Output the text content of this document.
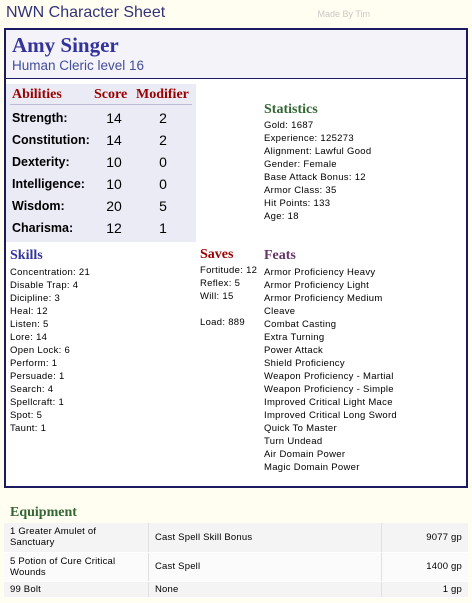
NWN Character Sheet	Made By Tim
Amy Singer
Human Cleric level 16
Abilities Score Modifier
Strength:	14	2
Constitution:	14	2
Dexterity:	10	0
Intelligence:	10	0
Wisdom:	20	5
Charisma:	12	1
Statistics
Gold: 1687
Experience: 125273
Alignment: Lawful Good
Gender: Female
Base Attack Bonus: 12
Armor Class: 35
Hit Points: 133
Age: 18
Skills
Concentration: 21
Disable Trap: 4
Dicipline: 3
Heal: 12
Listen: 5
Lore: 14
Open Lock: 6
Perform: 1
Persuade: 1
Search: 4
Spellcraft: 1
Spot: 5
Taunt: 1
Saves
Fortitude: 12
Reflex: 5
Will: 15
Load: 889
Feats
Armor Proficiency Heavy
Armor Proficiency Light
Armor Proficiency Medium
Cleave
Combat Casting
Extra Turning
Power Attack
Shield Proficiency
Weapon Proficiency - Martial
Weapon Proficiency - Simple
Improved Critical Light Mace
Improved Critical Long Sword
Quick To Master
Turn Undead
Air Domain Power
Magic Domain Power
Equipment
1 Greater Amulet of Sanctuary	Cast Spell Skill Bonus	9077 gp
5 Potion of Cure Critical Wounds	Cast Spell	1400 gp
99 Bolt	None	1 gp
